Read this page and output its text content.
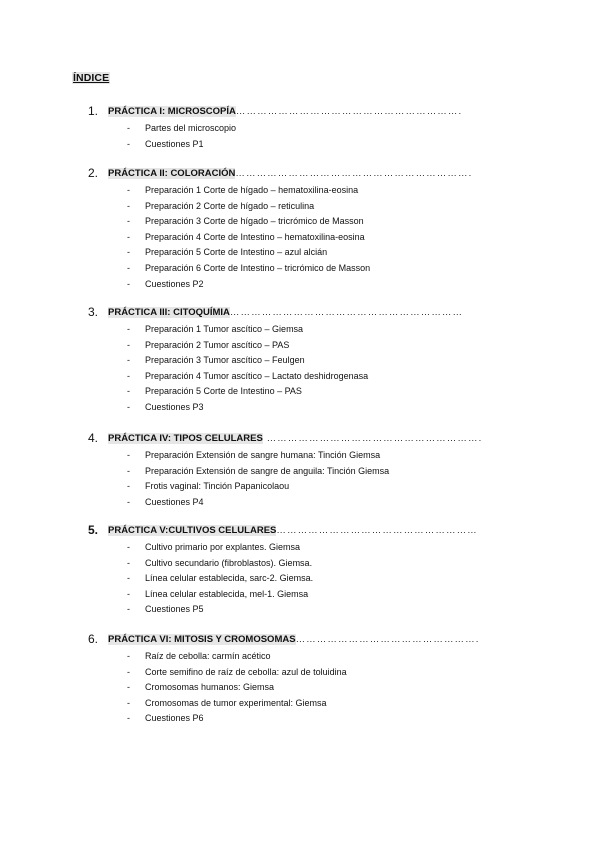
ÍNDICE
1. PRÁCTICA I: MICROSCOPÍA……………………………………………………….
- Partes del microscopio
- Cuestiones P1
2. PRÁCTICA II: COLORACIÓN………………………………………………………….
- Preparación 1 Corte de hígado – hematoxilina-eosina
- Preparación 2 Corte de hígado – reticulina
- Preparación 3 Corte de hígado – tricrómico de Masson
- Preparación 4 Corte de Intestino – hematoxilina-eosina
- Preparación 5 Corte de Intestino – azul alcián
- Preparación 6 Corte de Intestino – tricrómico de Masson
- Cuestiones P2
3. PRÁCTICA III: CITOQUÍMIA…………………………………………………………
- Preparación 1 Tumor ascítico – Giemsa
- Preparación 2 Tumor ascítico – PAS
- Preparación 3 Tumor ascítico – Feulgen
- Preparación 4 Tumor ascítico – Lactato deshidrogenasa
- Preparación 5 Corte de Intestino – PAS
- Cuestiones P3
4. PRÁCTICA IV: TIPOS CELULARES …………………………………………………….
- Preparación Extensión de sangre humana: Tinción Giemsa
- Preparación Extensión de sangre de anguila: Tinción Giemsa
- Frotis vaginal: Tinción Papanicolaou
- Cuestiones P4
5. PRÁCTICA V:CULTIVOS CELULARES…………………………………………………
- Cultivo primario por explantes. Giemsa
- Cultivo secundario (fibroblastos). Giemsa.
- Línea celular establecida, sarc-2. Giemsa.
- Línea celular establecida, mel-1. Giemsa
- Cuestiones P5
6. PRÁCTICA VI: MITOSIS Y CROMOSOMAS…………………………………………….
- Raíz de cebolla: carmín acético
- Corte semifino de raíz de cebolla: azul de toluidina
- Cromosomas humanos: Giemsa
- Cromosomas de tumor experimental: Giemsa
- Cuestiones P6
